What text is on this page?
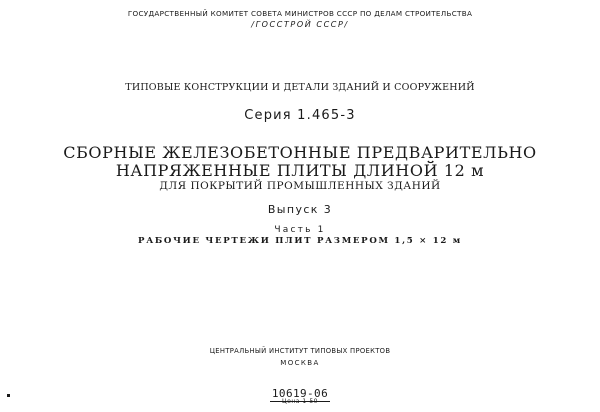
ГОСУДАРСТВЕННЫЙ КОМИТЕТ СОВЕТА МИНИСТРОВ СССР ПО ДЕЛАМ СТРОИТЕЛЬСТВА
/ГОССТРОЙ СССР/
ТИПОВЫЕ КОНСТРУКЦИИ И ДЕТАЛИ ЗДАНИЙ И СООРУЖЕНИЙ
Серия 1.465-3
СБОРНЫЕ ЖЕЛЕЗОБЕТОННЫЕ ПРЕДВАРИТЕЛЬНО
НАПРЯЖЕННЫЕ ПЛИТЫ ДЛИНОЙ 12 м
ДЛЯ ПОКРЫТИЙ ПРОМЫШЛЕННЫХ ЗДАНИЙ
Выпуск 3
Часть 1
РАБОЧИЕ ЧЕРТЕЖИ ПЛИТ РАЗМЕРОМ 1,5 × 12 м
ЦЕНТРАЛЬНЫЙ ИНСТИТУТ ТИПОВЫХ ПРОЕКТОВ
МОСКВА
10619-06
Цена 1-50
